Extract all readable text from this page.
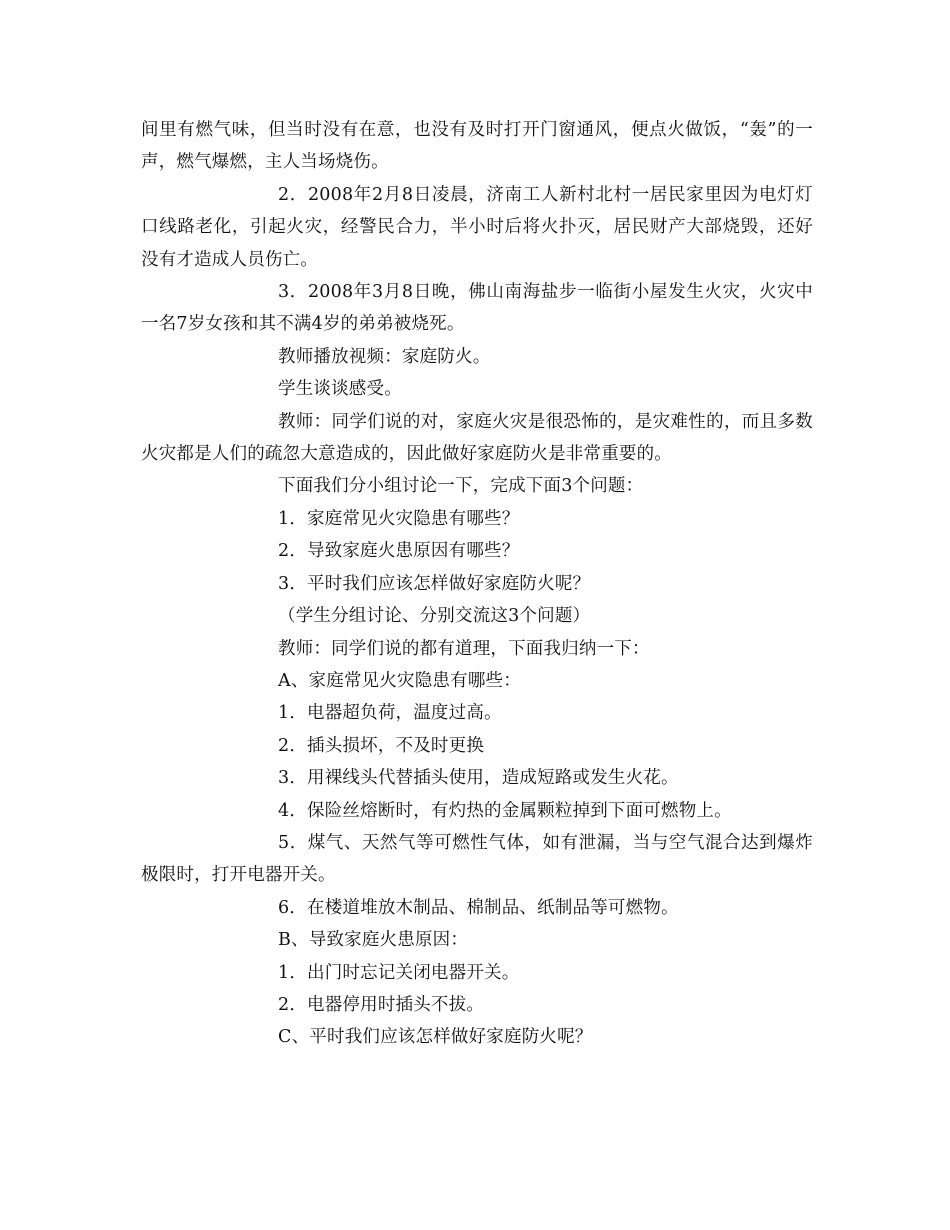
间里有燃气味，但当时没有在意，也没有及时打开门窗通风，便点火做饭，“轰”的一声，燃气爆燃，主人当场烧伤。

2．2008年2月8日凌晨，济南工人新村北村一居民家里因为电灯灯口线路老化，引起火灾，经警民合力，半小时后将火扑灭，居民财产大部烧毁，还好没有才造成人员伤亡。

3．2008年3月8日晚，佛山南海盐步一临街小屋发生火灾，火灾中一名7岁女孩和其不满4岁的弟弟被烧死。

教师播放视频：家庭防火。

学生谈谈感受。

教师：同学们说的对，家庭火灾是很恐怖的，是灾难性的，而且多数火灾都是人们的疏忽大意造成的，因此做好家庭防火是非常重要的。

下面我们分小组讨论一下，完成下面3个问题：

1．家庭常见火灾隐患有哪些？

2．导致家庭火患原因有哪些？

3．平时我们应该怎样做好家庭防火呢？

（学生分组讨论、分别交流这3个问题）

教师：同学们说的都有道理，下面我归纳一下：

A、家庭常见火灾隐患有哪些：

1．电器超负荷，温度过高。

2．插头损坏，不及时更换

3．用裸线头代替插头使用，造成短路或发生火花。

4．保险丝熔断时，有灼热的金属颗粒掉到下面可燃物上。

5．煤气、天然气等可燃性气体，如有泄漏，当与空气混合达到爆炸极限时，打开电器开关。

6．在楼道堆放木制品、棉制品、纸制品等可燃物。

B、导致家庭火患原因：

1．出门时忘记关闭电器开关。

2．电器停用时插头不拔。

C、平时我们应该怎样做好家庭防火呢？
